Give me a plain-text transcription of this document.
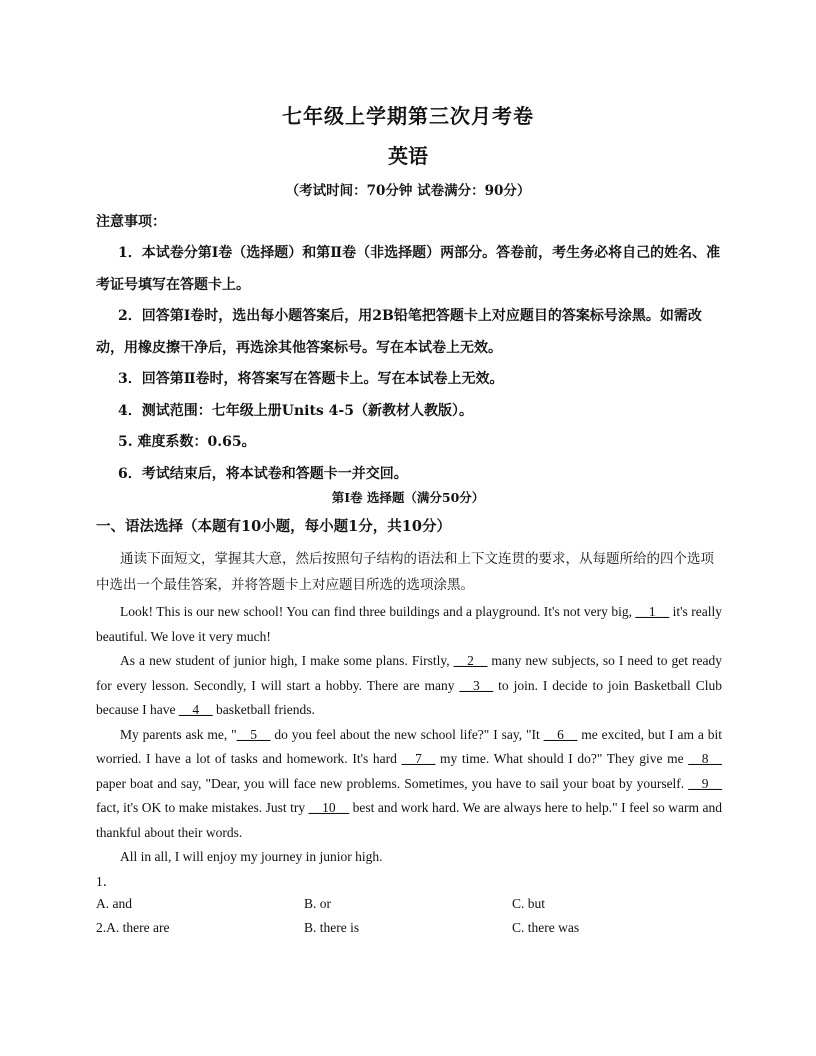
七年级上学期第三次月考卷
英语
（考试时间：70分钟 试卷满分：90分）
注意事项：
1．本试卷分第Ⅰ卷（选择题）和第Ⅱ卷（非选择题）两部分。答卷前，考生务必将自己的姓名、准考证号填写在答题卡上。
2．回答第Ⅰ卷时，选出每小题答案后，用2B铅笔把答题卡上对应题目的答案标号涂黑。如需改动，用橡皮擦干净后，再选涂其他答案标号。写在本试卷上无效。
3．回答第Ⅱ卷时，将答案写在答题卡上。写在本试卷上无效。
4．测试范围：七年级上册Units 4-5（新教材人教版）。
5. 难度系数：0.65。
6．考试结束后，将本试卷和答题卡一并交回。
第Ⅰ卷 选择题（满分50分）
一、语法选择（本题有10小题，每小题1分，共10分）
通读下面短文，掌握其大意，然后按照句子结构的语法和上下文连贯的要求，从每题所给的四个选项中选出一个最佳答案，并将答题卡上对应题目所选的选项涂黑。

Look! This is our new school! You can find three buildings and a playground. It's not very big, __1__ it's really beautiful. We love it very much!

As a new student of junior high, I make some plans. Firstly, __2__ many new subjects, so I need to get ready for every lesson. Secondly, I will start a hobby. There are many __3__ to join. I decide to join Basketball Club because I have __4__ basketball friends.

My parents ask me, "__5__ do you feel about the new school life?" I say, "It __6__ me excited, but I am a bit worried. I have a lot of tasks and homework. It's hard __7__ my time. What should I do?" They give me __8__ paper boat and say, "Dear, you will face new problems. Sometimes, you have to sail your boat by yourself. __9__ fact, it's OK to make mistakes. Just try __10__ best and work hard. We are always here to help." I feel so warm and thankful about their words.

All in all, I will enjoy my journey in junior high.

1．
A. and	B. or	C. but
2.A. there are	B. there is	C. there was
